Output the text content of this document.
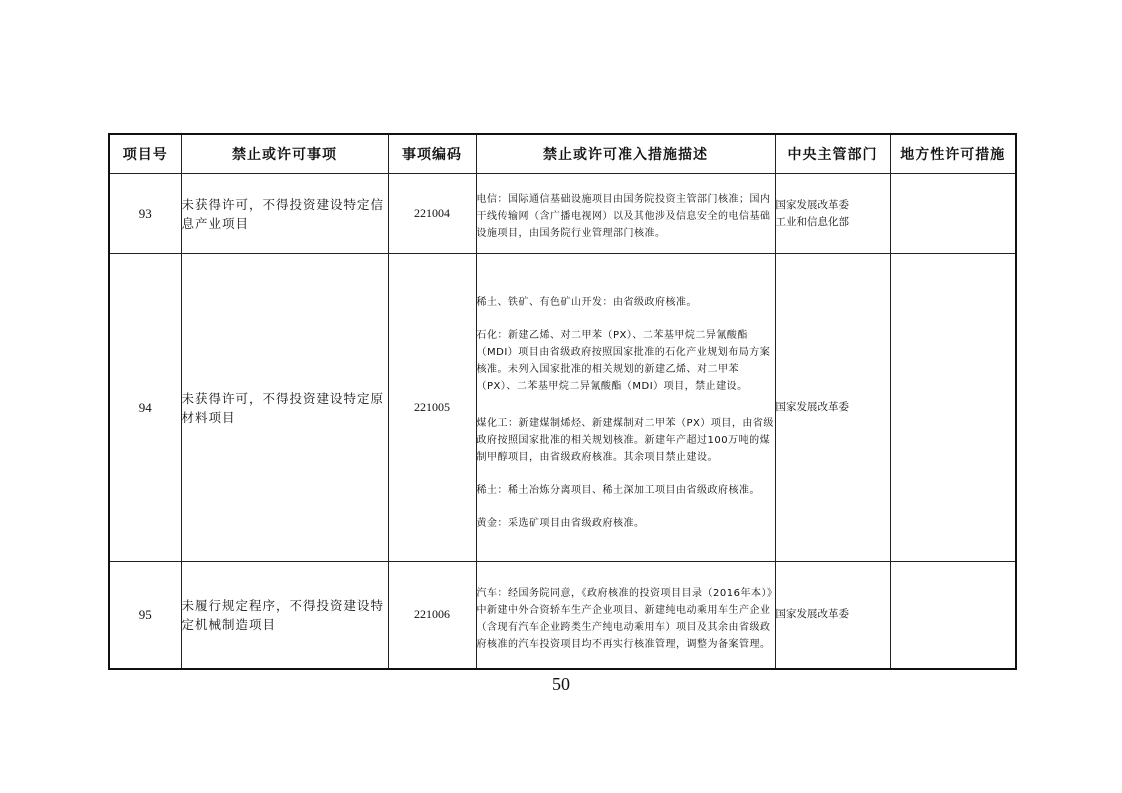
项目号	禁止或许可事项	事项编码	禁止或许可准入措施描述	中央主管部门	地方性许可措施
93	未获得许可，不得投资建设特定信息产业项目	221004	电信：国际通信基础设施项目由国务院投资主管部门核准；国内干线传输网（含广播电视网）以及其他涉及信息安全的电信基础设施项目，由国务院行业管理部门核准。	国家发展改革委
工业和信息化部	

94	未获得许可，不得投资建设特定原材料项目	221005	稀土、铁矿、有色矿山开发：由省级政府核准。

石化：新建乙烯、对二甲苯（PX）、二苯基甲烷二异氰酸酯（MDI）项目由省级政府按照国家批准的石化产业规划布局方案核准。未列入国家批准的相关规划的新建乙烯、对二甲苯（PX）、二苯基甲烷二异氰酸酯（MDI）项目，禁止建设。

煤化工：新建煤制烯烃、新建煤制对二甲苯（PX）项目，由省级政府按照国家批准的相关规划核准。新建年产超过100万吨的煤制甲醇项目，由省级政府核准。其余项目禁止建设。

稀土：稀土冶炼分离项目、稀土深加工项目由省级政府核准。

黄金：采选矿项目由省级政府核准。	国家发展改革委	

95	未履行规定程序，不得投资建设特定机械制造项目	221006	汽车：经国务院同意，《政府核准的投资项目目录（2016年本）》中新建中外合资轿车生产企业项目、新建纯电动乘用车生产企业（含现有汽车企业跨类生产纯电动乘用车）项目及其余由省级政府核准的汽车投资项目均不再实行核准管理，调整为备案管理。	国家发展改革委	

50
